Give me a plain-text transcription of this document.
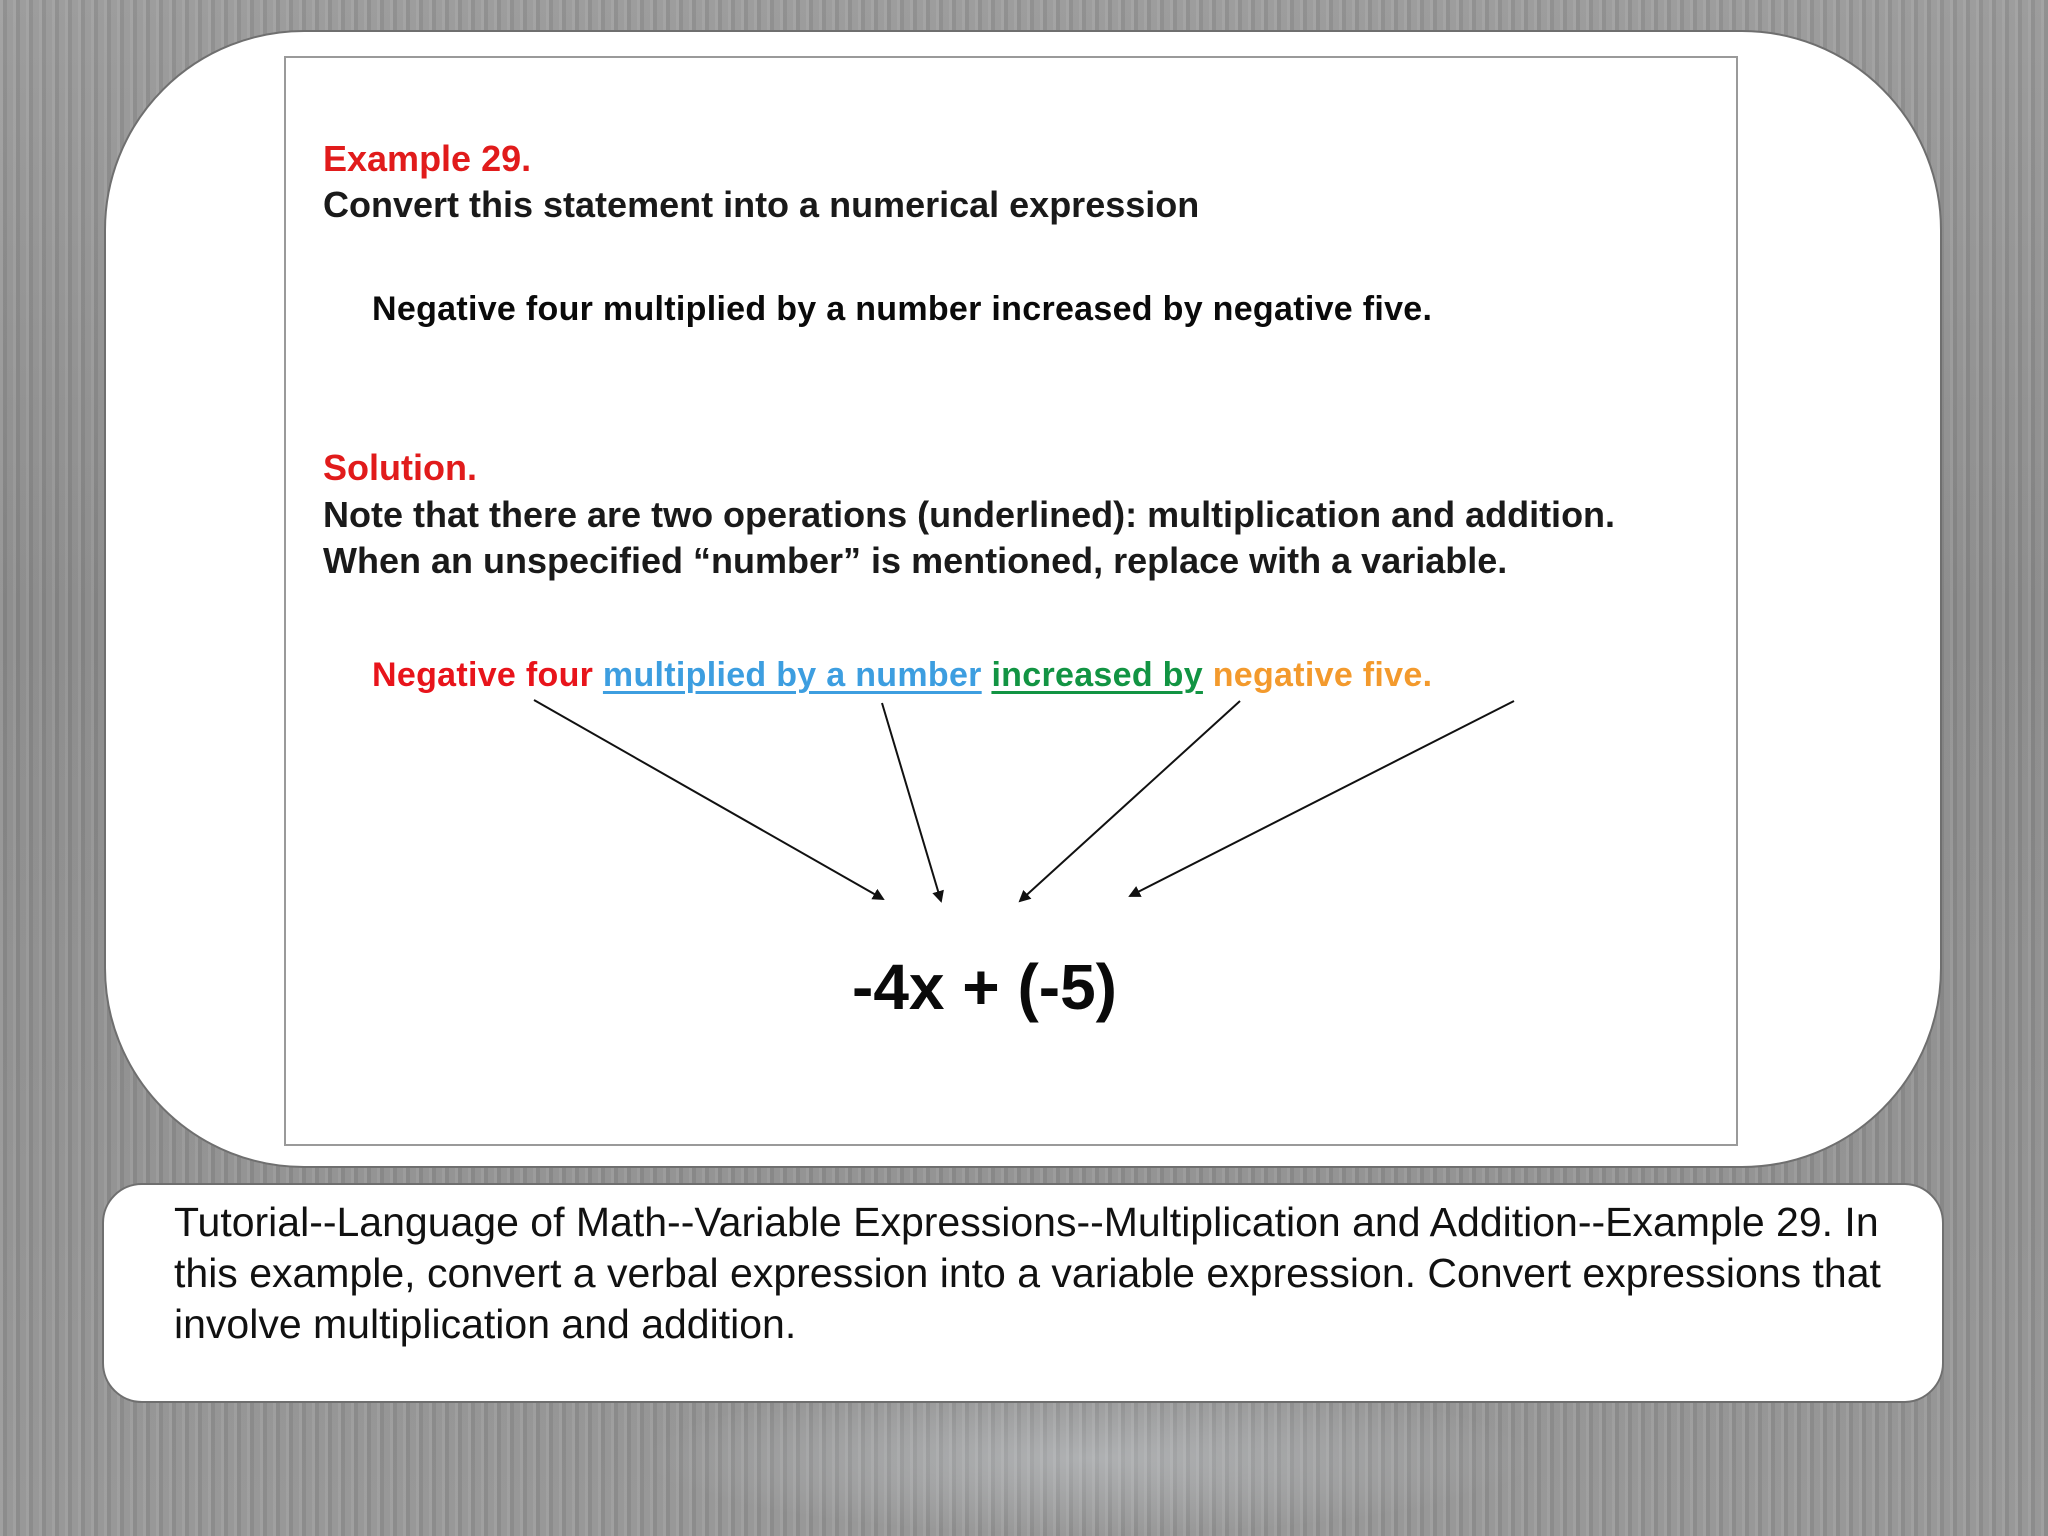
Example 29.

Convert this statement into a numerical expression

Negative four multiplied by a number increased by negative five.

Solution.

Note that there are two operations (underlined): multiplication and addition. When an unspecified “number” is mentioned, replace with a variable.

Negative four multiplied by a number increased by negative five.

-4x + (-5)

Tutorial--Language of Math--Variable Expressions--Multiplication and Addition--Example 29. In this example, convert a verbal expression into a variable expression. Convert expressions that involve multiplication and addition.
